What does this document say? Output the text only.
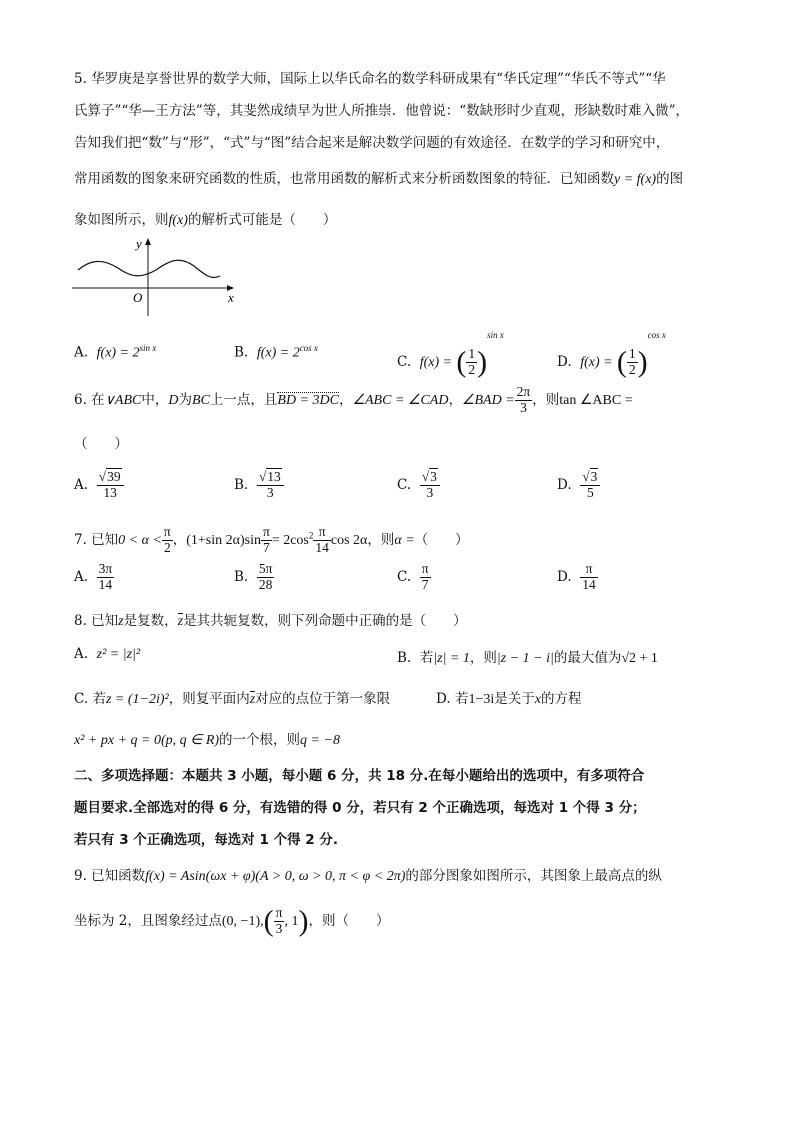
5. 华罗庚是享誉世界的数学大师，国际上以华氏命名的数学科研成果有“华氏定理”“华氏不等式”“华
氏算子”“华—王方法”等，其斐然成绩早为世人所推崇．他曾说：“数缺形时少直观，形缺数时难入微”，
告知我们把“数”与“形”，“式”与“图”结合起来是解决数学问题的有效途径．在数学的学习和研究中，
常用函数的图象来研究函数的性质，也常用函数的解析式来分析函数图象的特征．已知函数y = f(x)的图
象如图所示，则f(x)的解析式可能是（　　）
y
x
O
A. $f(x) = 2^{sin x}$	B. $f(x) = 2^{cos x}$
C. f(x) = ( $\frac{1}{2} )^{sin x}$
D. f(x) = ( $\frac{1}{2} )^{cos x}$
6. 在∨ABC中，D为BC上一点，且BD = 3DC，∠ABC = ∠CAD，∠BAD = $\frac{2\pi}{3}$ ，则tan ∠ABC =
（　　）
A. $\frac{√39}{13}$	B. $\frac{√13}{3}$	C. $\frac{√3}{3}$	D. $\frac{√3}{5}$
7. 已知$0 < \alpha < \frac{\pi}{2}$ ，(1+sin $2\alpha)\sin \frac{\pi}{7} = 2\cos^2 \frac{\pi}{14}$ cos 2α，则α =（　　）
A. $\frac{3\pi}{14}$	B. $\frac{5\pi}{28}$	C. $\frac{\pi}{7}$	D. $\frac{\pi}{14}$
8. 已知z是复数，z是其共轭复数，则下列命题中正确的是（　　）
A. z² = |z|²	B. 若|z| = 1，则|z − 1 − i|的最大值为√2 + 1
C. 若z = (1−2i)²，则复平面内z对应的点位于第一象限	D. 若1−3i是关于x的方程
x² + px + q = 0(p, q ∈ R)的一个根，则q = −8
二、多项选择题：本题共 3 小题，每小题 6 分，共 18 分.在每小题给出的选项中，有多项符合
题目要求.全部选对的得 6 分，有选错的得 0 分，若只有 2 个正确选项，每选对 1 个得 3 分；
若只有 3 个正确选项，每选对 1 个得 2 分.
9. 已知函数f(x) = Asin(ωx + φ)(A > 0, ω > 0, π < φ < 2π)的部分图象如图所示，其图象上最高点的纵
坐标为 2，且图象经过点(0, $-1),( \frac{\pi}{3}$ , 1)，则（　　）
